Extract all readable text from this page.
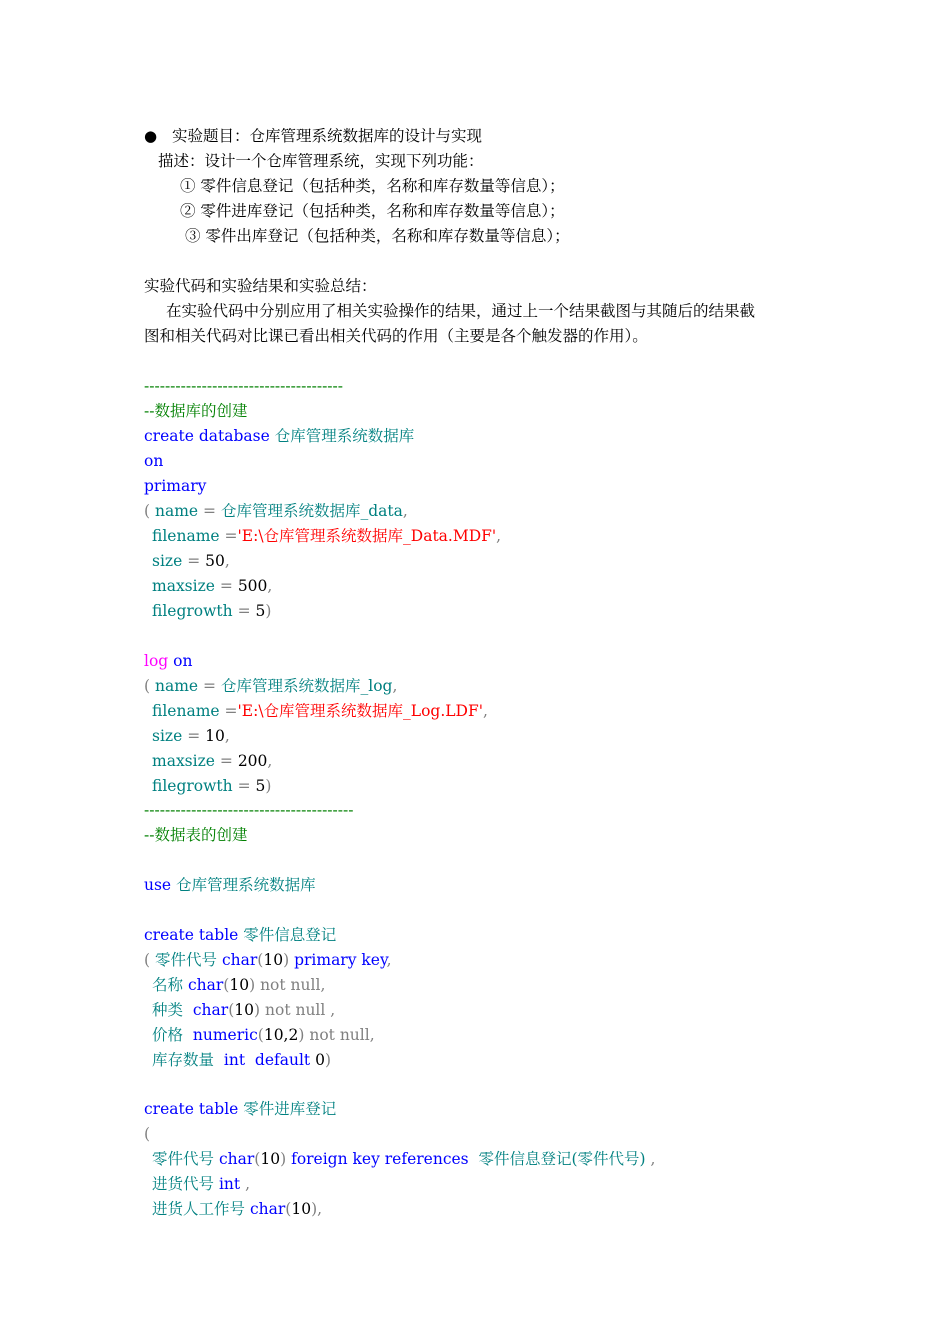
● 实验题目：仓库管理系统数据库的设计与实现
描述：设计一个仓库管理系统，实现下列功能：
① 零件信息登记（包括种类，名称和库存数量等信息）；
② 零件进库登记（包括种类，名称和库存数量等信息）；
③ 零件出库登记（包括种类，名称和库存数量等信息）；
实验代码和实验结果和实验总结：
在实验代码中分别应用了相关实验操作的结果，通过上一个结果截图与其随后的结果截
图和相关代码对比课已看出相关代码的作用（主要是各个触发器的作用）。
--------------------------------------
--数据库的创建
create database 仓库管理系统数据库
on
primary
( name = 仓库管理系统数据库_data,
filename ='E:\仓库管理系统数据库_Data.MDF',
size = 50,
maxsize = 500,
filegrowth = 5)
log on
( name = 仓库管理系统数据库_log,
filename ='E:\仓库管理系统数据库_Log.LDF',
size = 10,
maxsize = 200,
filegrowth = 5)
----------------------------------------
--数据表的创建
use 仓库管理系统数据库
create table 零件信息登记
( 零件代号 char(10) primary key,
名称 char(10) not null,
种类 char(10) not null ,
价格 numeric(10,2) not null,
库存数量 int default 0)
create table 零件进库登记
(
零件代号 char(10) foreign key references 零件信息登记(零件代号) ,
进货代号 int ,
进货人工作号 char(10),
